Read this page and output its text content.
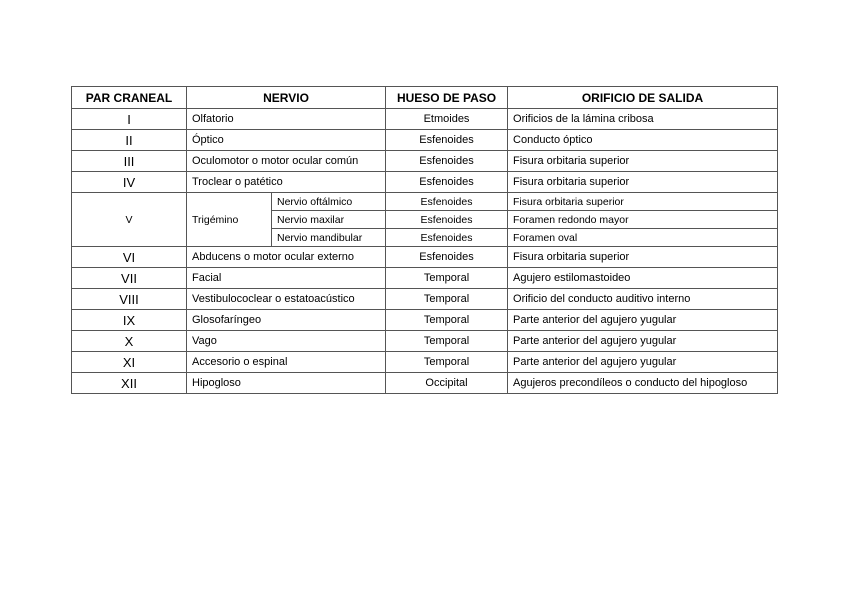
PAR CRANEAL	NERVIO		HUESO DE PASO	ORIFICIO DE SALIDA
I	Olfatorio		Etmoides	Orificios de la lámina cribosa
II	Óptico		Esfenoides	Conducto óptico
III	Oculomotor o motor ocular común		Esfenoides	Fisura orbitaria superior
IV	Troclear o patético		Esfenoides	Fisura orbitaria superior
V	Trigémino	Nervio oftálmico	Esfenoides	Fisura orbitaria superior
		Nervio maxilar	Esfenoides	Foramen redondo mayor
		Nervio mandibular	Esfenoides	Foramen oval
VI	Abducens o motor ocular externo		Esfenoides	Fisura orbitaria superior
VII	Facial		Temporal	Agujero estilomastoideo
VIII	Vestibulococlear o estatoacústico		Temporal	Orificio del conducto auditivo interno
IX	Glosofaríngeo		Temporal	Parte anterior del agujero yugular
X	Vago		Temporal	Parte anterior del agujero yugular
XI	Accesorio o espinal		Temporal	Parte anterior del agujero yugular
XII	Hipogloso		Occipital	Agujeros precondíleos o conducto del hipogloso
